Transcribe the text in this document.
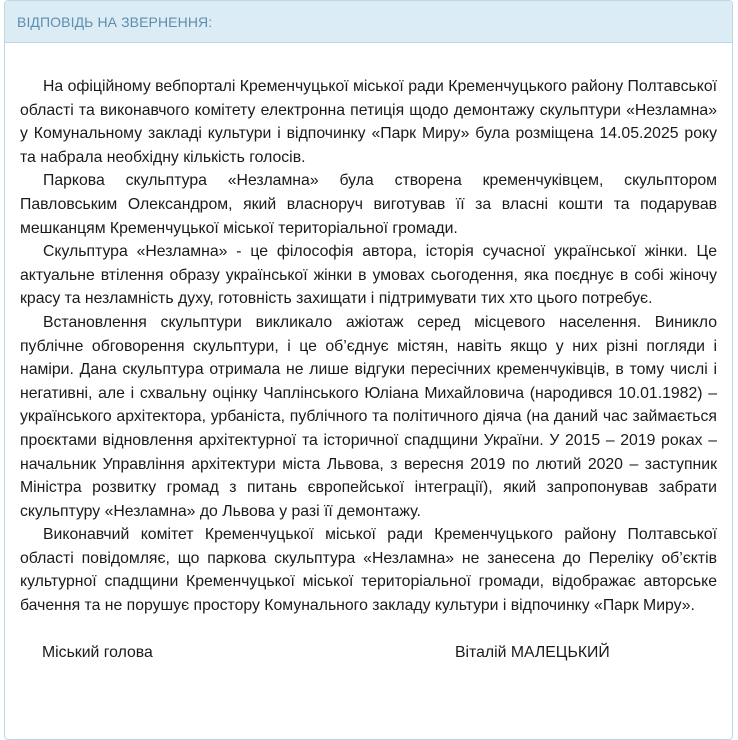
ВІДПОВІДЬ НА ЗВЕРНЕННЯ:

На офіційному вебпорталі Кременчуцької міської ради Кременчуцького району Полтавської області та виконавчого комітету електронна петиція щодо демонтажу скульптури «Незламна» у Комунальному закладі культури і відпочинку «Парк Миру» була розміщена 14.05.2025 року та набрала необхідну кількість голосів.

Паркова скульптура «Незламна» була створена кременчуківцем, скульптором Павловським Олександром, який власноруч виготував її за власні кошти та подарував мешканцям Кременчуцької міської територіальної громади.

Скульптура «Незламна» - це філософія автора, історія сучасної української жінки. Це актуальне втілення образу української жінки в умовах сьогодення, яка поєднує в собі жіночу красу та незламність духу, готовність захищати і підтримувати тих хто цього потребує.

Встановлення скульптури викликало ажіотаж серед місцевого населення. Виникло публічне обговорення скульптури, і це об’єднує містян, навіть якщо у них різні погляди і наміри. Дана скульптура отримала не лише відгуки пересічних кременчуківців, в тому числі і негативні, але і схвальну оцінку Чаплінського Юліана Михайловича (народився 10.01.1982) – українського архітектора, урбаніста, публічного та політичного діяча (на даний час займається проєктами відновлення архітектурної та історичної спадщини України. У 2015 – 2019 роках – начальник Управління архітектури міста Львова, з вересня 2019 по лютий 2020 – заступник Міністра розвитку громад з питань європейської інтеграції), який запропонував забрати скульптуру «Незламна» до Львова у разі її демонтажу.

Виконавчий комітет Кременчуцької міської ради Кременчуцького району Полтавської області повідомляє, що паркова скульптура «Незламна» не занесена до Переліку об’єктів культурної спадщини Кременчуцької міської територіальної громади, відображає авторське бачення та не порушує простору Комунального закладу культури і відпочинку «Парк Миру».

Міський голова	Віталій МАЛЕЦЬКИЙ
